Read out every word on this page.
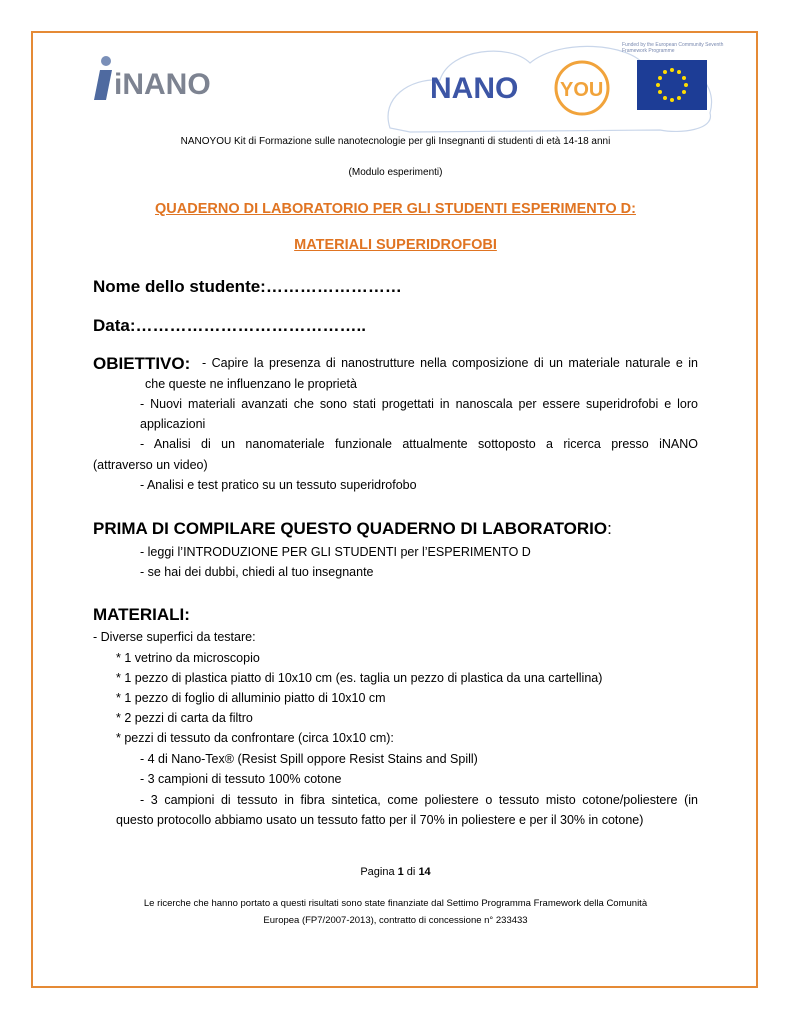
iNANO	NANO YOU
Funded by the European Community Seventh Framework Programme
NANOYOU Kit di Formazione sulle nanotecnologie per gli Insegnanti di studenti di età 14-18 anni
(Modulo esperimenti)
QUADERNO DI LABORATORIO PER GLI STUDENTI ESPERIMENTO D:
MATERIALI SUPERIDROFOBI
Nome dello studente:……………………
Data:…………………………………..
OBIETTIVO: - Capire la presenza di nanostrutture nella composizione di un materiale naturale e in
che queste ne influenzano le proprietà
- Nuovi materiali avanzati che sono stati progettati in nanoscala per essere superidrofobi e loro
applicazioni
- Analisi di un nanomateriale funzionale attualmente sottoposto a ricerca presso iNANO
(attraverso un video)
- Analisi e test pratico su un tessuto superidrofobo
PRIMA DI COMPILARE QUESTO QUADERNO DI LABORATORIO:
- leggi l’INTRODUZIONE PER GLI STUDENTI per l’ESPERIMENTO D
- se hai dei dubbi, chiedi al tuo insegnante
MATERIALI:
- Diverse superfici da testare:
* 1 vetrino da microscopio
* 1 pezzo di plastica piatto di 10x10 cm (es. taglia un pezzo di plastica da una cartellina)
* 1 pezzo di foglio di alluminio piatto di 10x10 cm
* 2 pezzi di carta da filtro
* pezzi di tessuto da confrontare (circa 10x10 cm):
- 4 di Nano-Tex® (Resist Spill oppore Resist Stains and Spill)
- 3 campioni di tessuto 100% cotone
- 3 campioni di tessuto in fibra sintetica, come poliestere o tessuto misto cotone/poliestere (in
questo protocollo abbiamo usato un tessuto fatto per il 70% in poliestere e per il 30% in cotone)
Pagina 1 di 14
Le ricerche che hanno portato a questi risultati sono state finanziate dal Settimo Programma Framework della Comunità
Europea (FP7/2007-2013), contratto di concessione n° 233433
